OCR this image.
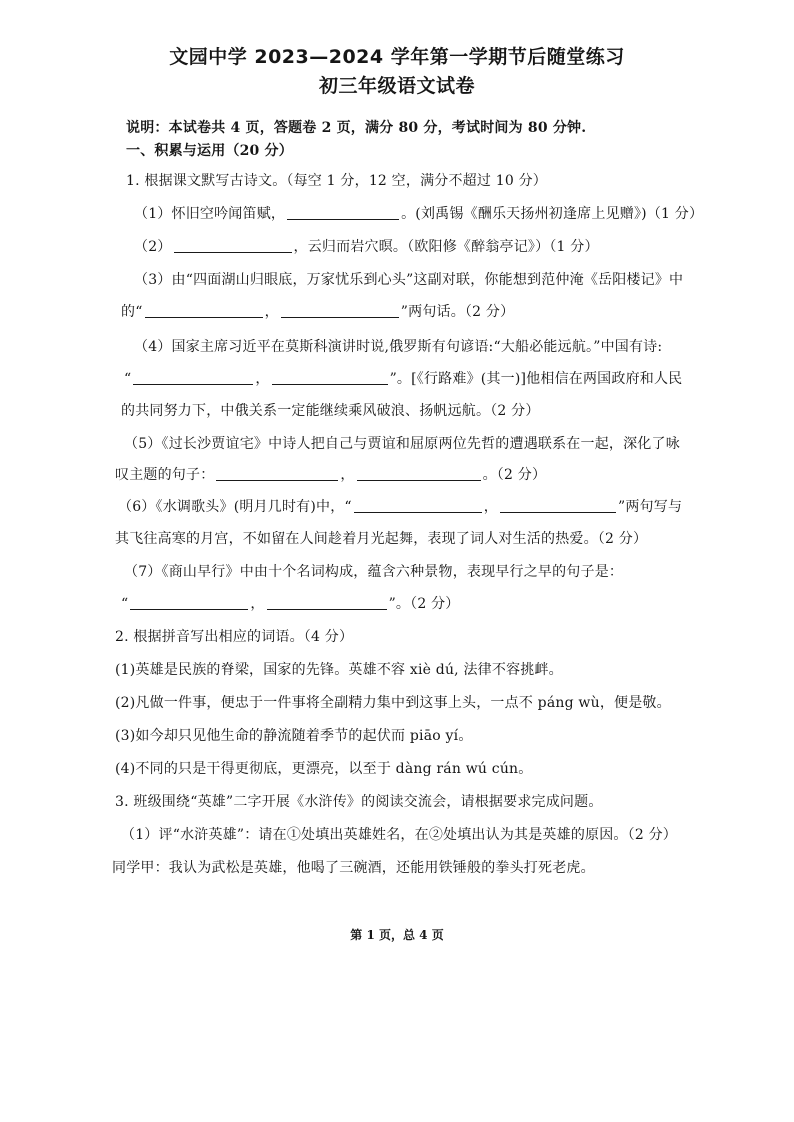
文园中学 2023—2024 学年第一学期节后随堂练习
初三年级语文试卷
说明：本试卷共 4 页，答题卷 2 页，满分 80 分，考试时间为 80 分钟.
一、积累与运用（20 分）
1. 根据课文默写古诗文。（每空 1 分，12 空，满分不超过 10 分）
（1）怀旧空吟闻笛赋，	。(刘禹锡《酬乐天扬州初逢席上见赠》)（1 分）
（2）	，云归而岩穴暝。（欧阳修《醉翁亭记》）（1 分）
（3）由“四面湖山归眼底，万家忧乐到心头”这副对联，你能想到范仲淹《岳阳楼记》中
的“	，	”两句话。（2 分）
（4）国家主席习近平在莫斯科演讲时说,俄罗斯有句谚语:“大船必能远航。”中国有诗:
“	，	”。[《行路难》(其一)]他相信在两国政府和人民
的共同努力下，中俄关系一定能继续乘风破浪、扬帆远航。（2 分）
（5）《过长沙贾谊宅》中诗人把自己与贾谊和屈原两位先哲的遭遇联系在一起，深化了咏
叹主题的句子：	，	。（2 分）
（6）《水调歌头》(明月几时有)中，“	，	”两句写与
其飞往高寒的月宫，不如留在人间趁着月光起舞，表现了词人对生活的热爱。（2 分）
（7）《商山早行》中由十个名词构成，蕴含六种景物，表现早行之早的句子是：
“	，	”。（2 分）
2. 根据拼音写出相应的词语。（4 分）
(1)英雄是民族的脊梁，国家的先锋。英雄不容 xiè dú, 法律不容挑衅。
(2)凡做一件事，便忠于一件事将全副精力集中到这事上头，一点不 páng wù，便是敬。
(3)如今却只见他生命的静流随着季节的起伏而 piāo yí。
(4)不同的只是干得更彻底，更漂亮，以至于 dàng rán wú cún。
3. 班级围绕“英雄”二字开展《水浒传》的阅读交流会，请根据要求完成问题。
（1）评“水浒英雄”：请在①处填出英雄姓名，在②处填出认为其是英雄的原因。（2 分）
同学甲：我认为武松是英雄，他喝了三碗酒，还能用铁锤般的拳头打死老虎。
第 1 页，总 4 页
